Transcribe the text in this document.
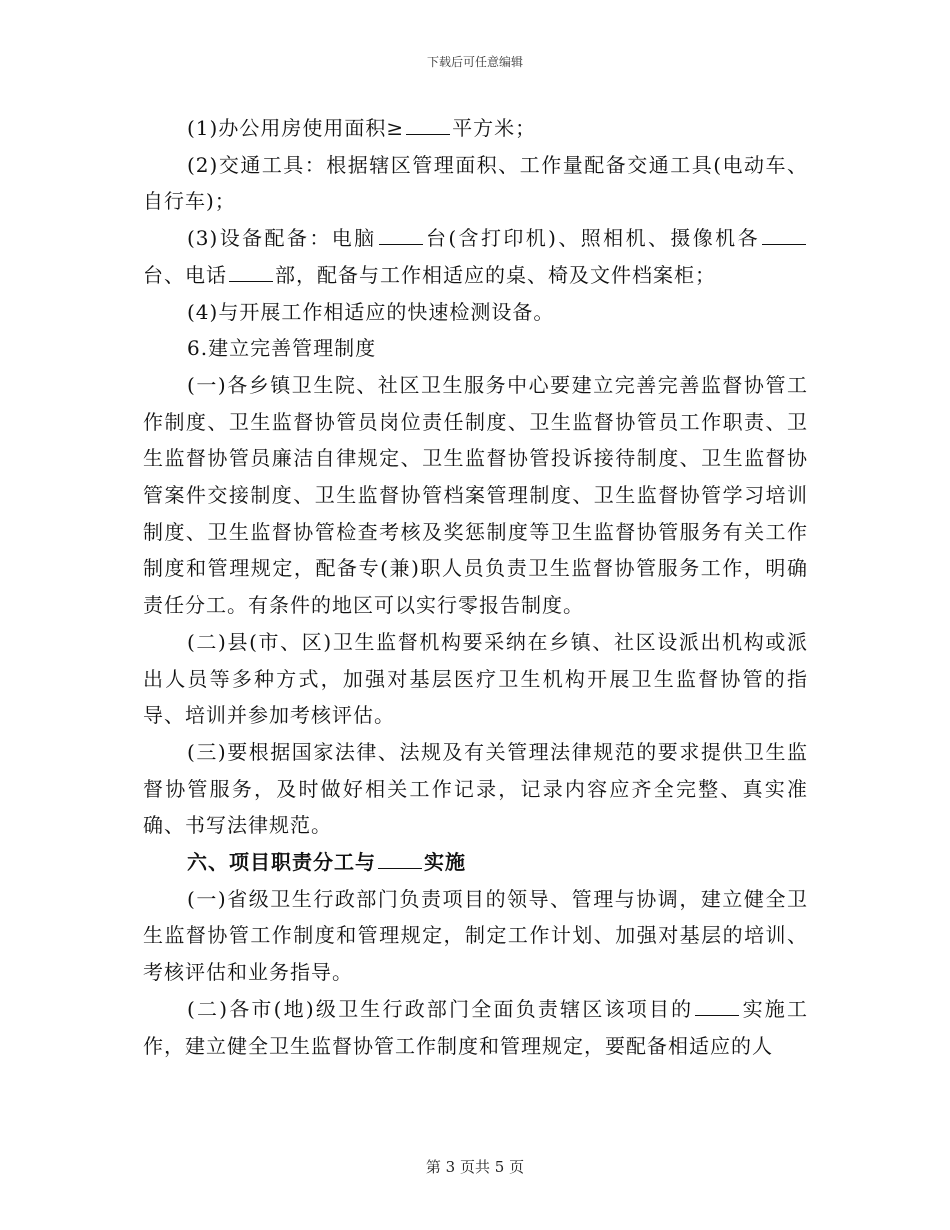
下载后可任意编辑

(1)办公用房使用面积≥ 平方米；

(2)交通工具：根据辖区管理面积、工作量配备交通工具(电动车、自行车)；

(3)设备配备：电脑 台(含打印机)、照相机、摄像机各台、电话 部，配备与工作相适应的桌、椅及文件档案柜；

(4)与开展工作相适应的快速检测设备。

6.建立完善管理制度

(一)各乡镇卫生院、社区卫生服务中心要建立完善完善监督协管工作制度、卫生监督协管员岗位责任制度、卫生监督协管员工作职责、卫生监督协管员廉洁自律规定、卫生监督协管投诉接待制度、卫生监督协管案件交接制度、卫生监督协管档案管理制度、卫生监督协管学习培训制度、卫生监督协管检查考核及奖惩制度等卫生监督协管服务有关工作制度和管理规定，配备专(兼)职人员负责卫生监督协管服务工作，明确责任分工。有条件的地区可以实行零报告制度。

(二)县(市、区)卫生监督机构要采纳在乡镇、社区设派出机构或派出人员等多种方式，加强对基层医疗卫生机构开展卫生监督协管的指导、培训并参加考核评估。

(三)要根据国家法律、法规及有关管理法律规范的要求提供卫生监督协管服务，及时做好相关工作记录，记录内容应齐全完整、真实准确、书写法律规范。

六、项目职责分工与 实施

(一)省级卫生行政部门负责项目的领导、管理与协调，建立健全卫生监督协管工作制度和管理规定，制定工作计划、加强对基层的培训、考核评估和业务指导。

(二)各市(地)级卫生行政部门全面负责辖区该项目的 实施工作，建立健全卫生监督协管工作制度和管理规定，要配备相适应的人

第 3 页共 5 页
